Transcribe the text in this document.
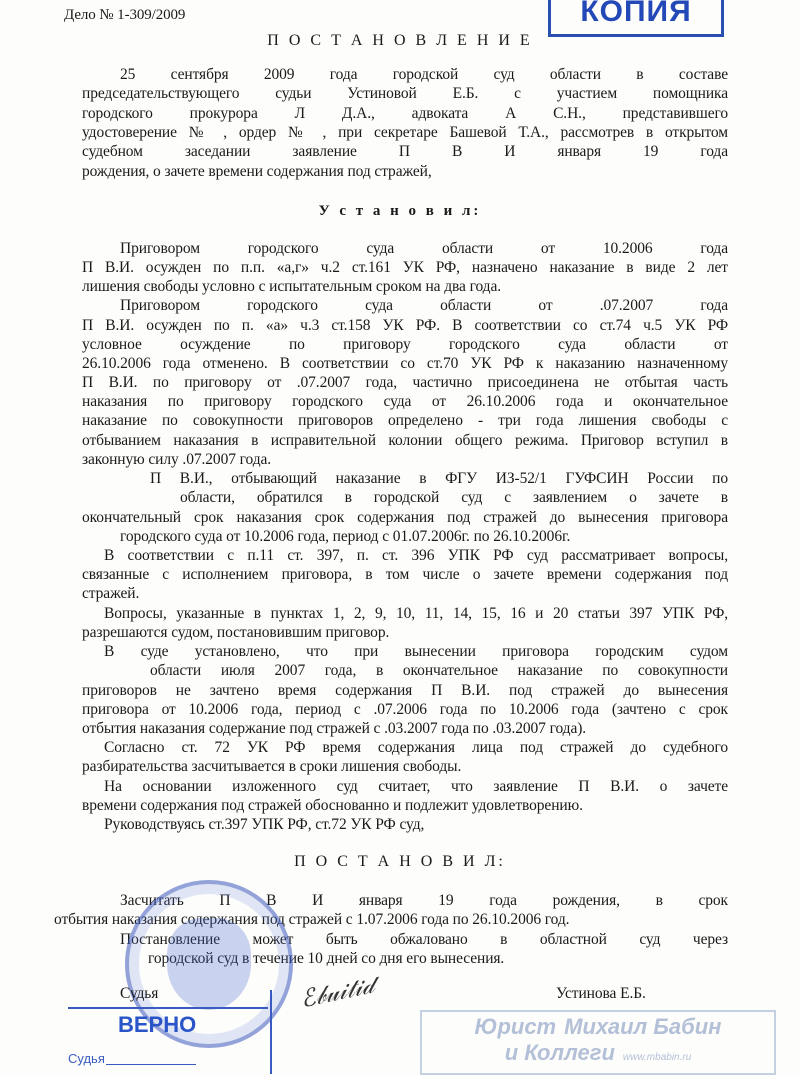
КОПИЯ
Дело № 1-309/2009
П О С Т А Н О В Л Е Н И Е
25 сентября 2009 года городской суд области в составе
председательствующего судьи Устиновой Е.Б. с участием помощника
городского прокурора Л Д.А., адвоката А С.Н., представившего
удостоверение № , ордер № , при секретаре Башевой Т.А., рассмотрев в открытом
судебном заседании заявление П В И января 19 года
рождения, о зачете времени содержания под стражей,
У с т а н о в и л:
Приговором городского суда области от 10.2006 года
П В.И. осужден по п.п. «а,г» ч.2 ст.161 УК РФ, назначено наказание в виде 2 лет
лишения свободы условно с испытательным сроком на два года.
Приговором городского суда области от .07.2007 года
П В.И. осужден по п. «а» ч.3 ст.158 УК РФ. В соответствии со ст.74 ч.5 УК РФ
условное осуждение по приговору городского суда области от
26.10.2006 года отменено. В соответствии со ст.70 УК РФ к наказанию назначенному
П В.И. по приговору от .07.2007 года, частично присоединена не отбытая часть
наказания по приговору городского суда от 26.10.2006 года и окончательное
наказание по совокупности приговоров определено - три года лишения свободы с
отбыванием наказания в исправительной колонии общего режима. Приговор вступил в
законную силу .07.2007 года.
П В.И., отбывающий наказание в ФГУ ИЗ-52/1 ГУФСИН России по
области, обратился в городской суд с заявлением о зачете в
окончательный срок наказания срок содержания под стражей до вынесения приговора
городского суда от 10.2006 года, период с 01.07.2006г. по 26.10.2006г.
В соответствии с п.11 ст. 397, п. ст. 396 УПК РФ суд рассматривает вопросы,
связанные с исполнением приговора, в том числе о зачете времени содержания под
стражей.
Вопросы, указанные в пунктах 1, 2, 9, 10, 11, 14, 15, 16 и 20 статьи 397 УПК РФ,
разрешаются судом, постановившим приговор.
В суде установлено, что при вынесении приговора городским судом
области июля 2007 года, в окончательное наказание по совокупности
приговоров не зачтено время содержания П В.И. под стражей до вынесения
приговора от 10.2006 года, период с .07.2006 года по 10.2006 года (зачтено с срок
отбытия наказания содержание под стражей с .03.2007 года по .03.2007 года).
Согласно ст. 72 УК РФ время содержания лица под стражей до судебного
разбирательства засчитывается в сроки лишения свободы.
На основании изложенного суд считает, что заявление П В.И. о зачете
времени содержания под стражей обоснованно и подлежит удовлетворению.
Руководствуясь ст.397 УПК РФ, ст.72 УК РФ суд,
П О С Т А Н О В И Л:
Засчитать П В И января 19 года рождения, в срок
отбытия наказания содержания под стражей с 1.07.2006 года по 26.10.2006 год.
Постановление может быть обжаловано в областной суд через
городской суд в течение 10 дней со дня его вынесения.
Судья	ℰ𝒷𝓊𝒾𝓉𝒾𝒹	Устинова Е.Б.
Юрист Михаил Бабин
и Коллеги www.mbabin.ru
ВЕРНО
Судья
